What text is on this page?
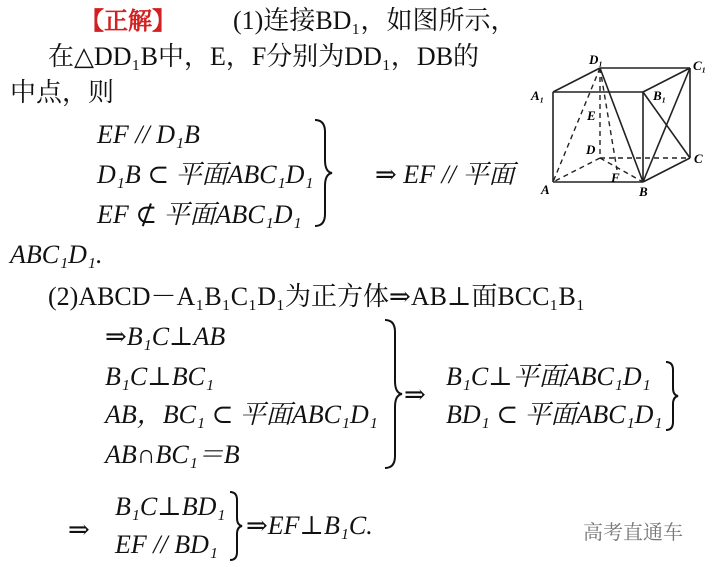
【正解】 (1)连接BD₁，如图所示，
在△DD₁B中，E，F分别为DD₁，DB的
中点，则
EF // D₁B
D₁B ⊂ 平面ABC₁D₁
EF ⊄ 平面ABC₁D₁
⇒ EF // 平面
ABC₁D₁.
D₁	C₁
A₁	B₁
E
D
C
A
F
B
(2)ABCD－A₁B₁C₁D₁为正方体⇒AB⊥面BCC₁B₁
⇒B₁C⊥AB
B₁C⊥BC₁
AB，BC₁ ⊂ 平面ABC₁D₁
AB∩BC₁＝B
⇒
B₁C⊥平面ABC₁D₁
BD₁ ⊂ 平面ABC₁D₁
⇒
B₁C⊥BD₁
EF // BD₁
⇒EF⊥B₁C.	高考直通车
